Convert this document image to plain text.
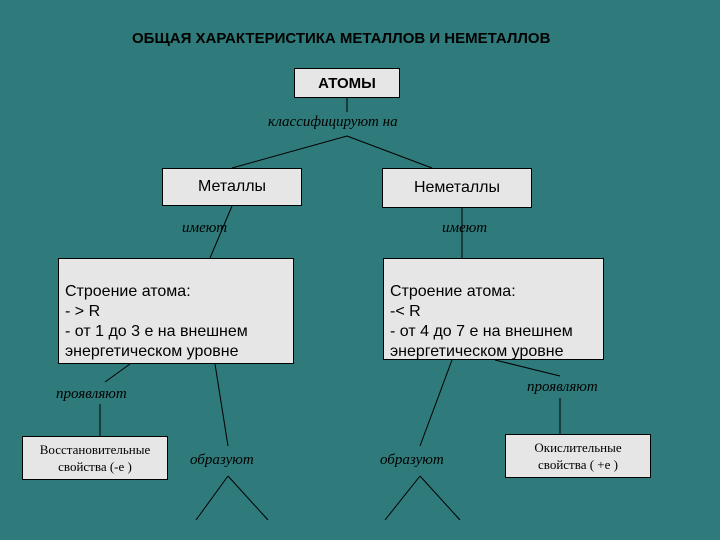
ОБЩАЯ ХАРАКТЕРИСТИКА МЕТАЛЛОВ И НЕМЕТАЛЛОВ
АТОМЫ
классифицируют на
Металлы	Неметаллы
имеют	имеют

Строение атома:
- > R
- от 1 до 3 е на внешнем
энергетическом уровне

Строение атома:
-< R
- от 4 до 7 е на внешнем
энергетическом уровне

проявляют	проявляют
Восстановительные
свойства (-е )
Окислительные
свойства ( +е )
образуют	образуют
